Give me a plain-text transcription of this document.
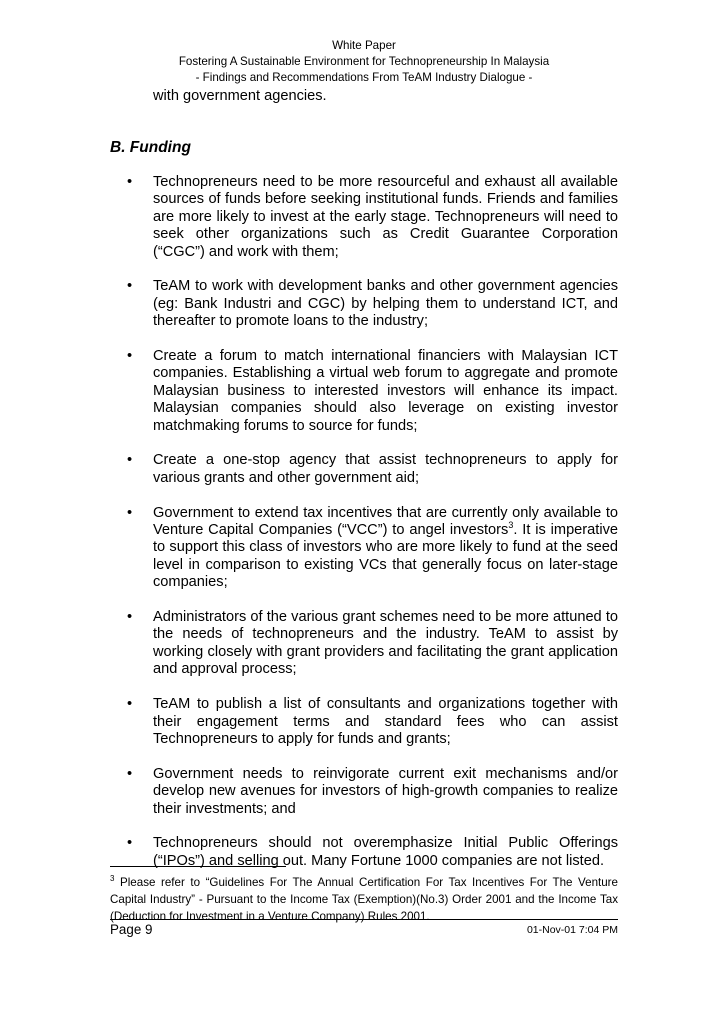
White Paper
Fostering A Sustainable Environment for Technopreneurship In Malaysia
- Findings and Recommendations From TeAM Industry Dialogue -
with government agencies.
B. Funding
• Technopreneurs need to be more resourceful and exhaust all available sources of funds before seeking institutional funds. Friends and families are more likely to invest at the early stage. Technopreneurs will need to seek other organizations such as Credit Guarantee Corporation (“CGC”) and work with them;
• TeAM to work with development banks and other government agencies (eg: Bank Industri and CGC) by helping them to understand ICT, and thereafter to promote loans to the industry;
• Create a forum to match international financiers with Malaysian ICT companies. Establishing a virtual web forum to aggregate and promote Malaysian business to interested investors will enhance its impact. Malaysian companies should also leverage on existing investor matchmaking forums to source for funds;
• Create a one-stop agency that assist technopreneurs to apply for various grants and other government aid;
• Government to extend tax incentives that are currently only available to Venture Capital Companies (“VCC”) to angel investors$^3$. It is imperative to support this class of investors who are more likely to fund at the seed level in comparison to existing VCs that generally focus on later-stage companies;
• Administrators of the various grant schemes need to be more attuned to the needs of technopreneurs and the industry. TeAM to assist by working closely with grant providers and facilitating the grant application and approval process;
• TeAM to publish a list of consultants and organizations together with their engagement terms and standard fees who can assist Technopreneurs to apply for funds and grants;
• Government needs to reinvigorate current exit mechanisms and/or develop new avenues for investors of high-growth companies to realize their investments; and
• Technopreneurs should not overemphasize Initial Public Offerings (“IPOs”) and selling out. Many Fortune 1000 companies are not listed.
$^3$ Please refer to “Guidelines For The Annual Certification For Tax Incentives For The Venture Capital Industry” - Pursuant to the Income Tax (Exemption)(No.3) Order 2001 and the Income Tax (Deduction for Investment in a Venture Company) Rules 2001.
Page 9	01-Nov-01 7:04 PM
